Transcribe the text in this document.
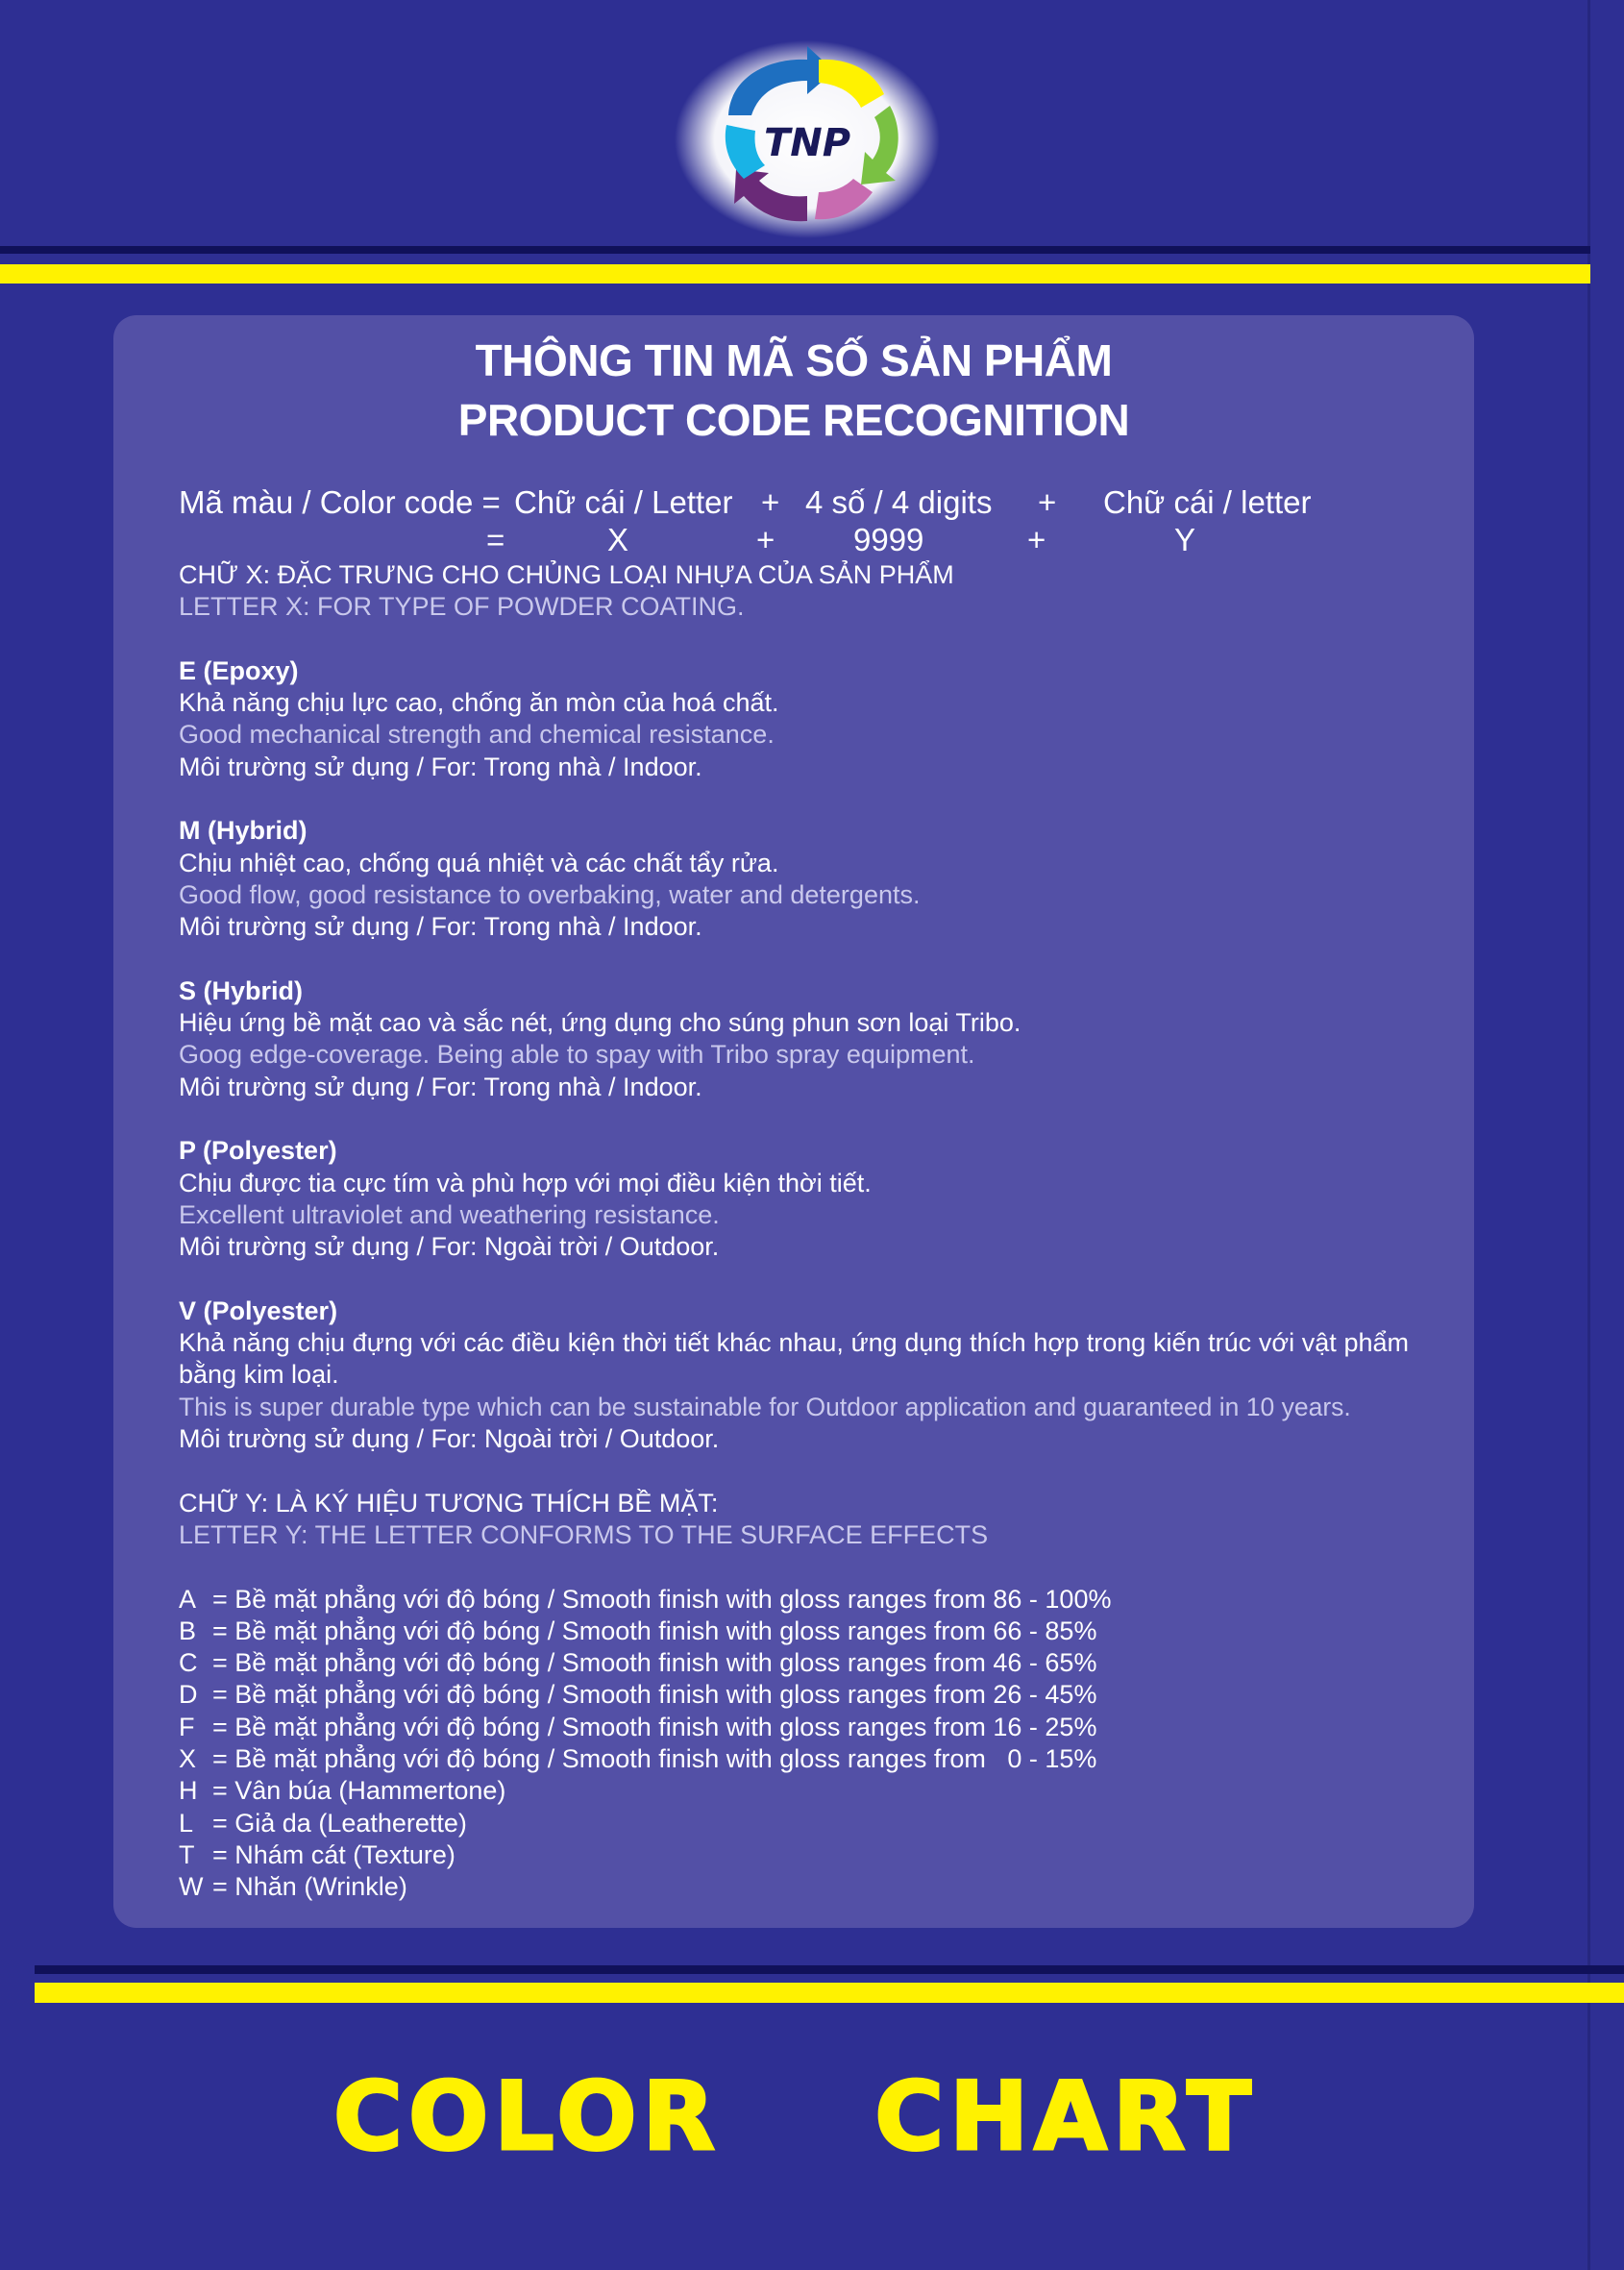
TNP
THÔNG TIN MÃ SỐ SẢN PHẨM
PRODUCT CODE RECOGNITION
Mã màu / Color code = Chữ cái / Letter + 4 số / 4 digits + Chữ cái / letter
=	X	+ 9999	+	Y
CHỮ X: ĐẶC TRƯNG CHO CHỦNG LOẠI NHỰA CỦA SẢN PHẨM
LETTER X: FOR TYPE OF POWDER COATING.
E (Epoxy)
Khả năng chịu lực cao, chống ăn mòn của hoá chất.
Good mechanical strength and chemical resistance.
Môi trường sử dụng / For: Trong nhà / Indoor.
M (Hybrid)
Chịu nhiệt cao, chống quá nhiệt và các chất tẩy rửa.
Good flow, good resistance to overbaking, water and detergents.
Môi trường sử dụng / For: Trong nhà / Indoor.
S (Hybrid)
Hiệu ứng bề mặt cao và sắc nét, ứng dụng cho súng phun sơn loại Tribo.
Goog edge-coverage. Being able to spay with Tribo spray equipment.
Môi trường sử dụng / For: Trong nhà / Indoor.
P (Polyester)
Chịu được tia cực tím và phù hợp với mọi điều kiện thời tiết.
Excellent ultraviolet and weathering resistance.
Môi trường sử dụng / For: Ngoài trời / Outdoor.
V (Polyester)
Khả năng chịu đựng với các điều kiện thời tiết khác nhau, ứng dụng thích hợp trong kiến trúc với vật phẩm bằng kim loại.
This is super durable type which can be sustainable for Outdoor application and guaranteed in 10 years.
Môi trường sử dụng / For: Ngoài trời / Outdoor.
CHỮ Y: LÀ KÝ HIỆU TƯƠNG THÍCH BỀ MẶT:
LETTER Y: THE LETTER CONFORMS TO THE SURFACE EFFECTS
A = Bề mặt phẳng với độ bóng / Smooth finish with gloss ranges from 86 - 100%
B = Bề mặt phẳng với độ bóng / Smooth finish with gloss ranges from 66 - 85%
C = Bề mặt phẳng với độ bóng / Smooth finish with gloss ranges from 46 - 65%
D = Bề mặt phẳng với độ bóng / Smooth finish with gloss ranges from 26 - 45%
F = Bề mặt phẳng với độ bóng / Smooth finish with gloss ranges from 16 - 25%
X = Bề mặt phẳng với độ bóng / Smooth finish with gloss ranges from   0 - 15%
H = Vân búa (Hammertone)
L = Giả da (Leatherette)
T = Nhám cát (Texture)
W = Nhăn (Wrinkle)
COLOR  CHART
